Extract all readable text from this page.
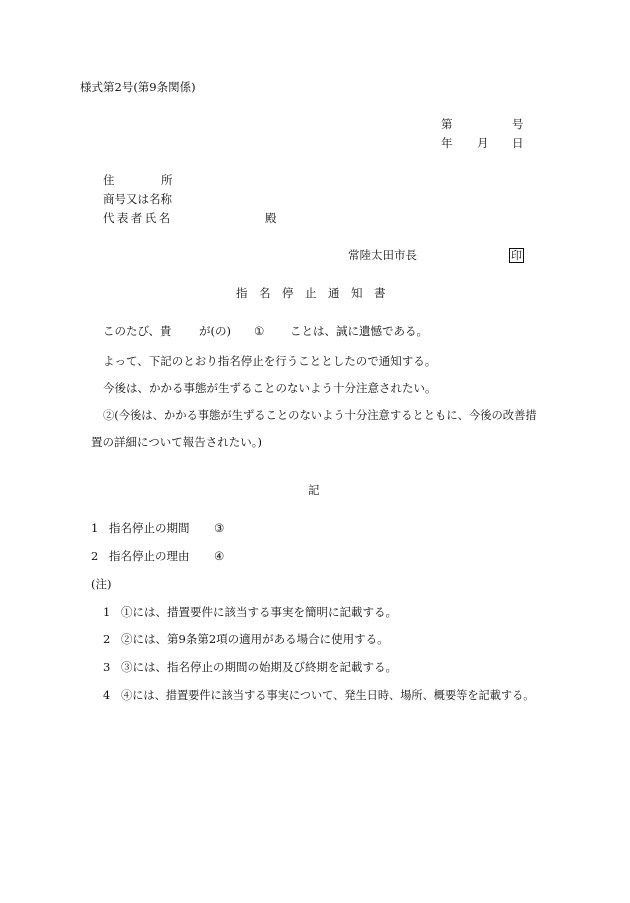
様式第2号(第9条関係)
第	号
年 月 日
住	所
商号又は名称
代表者氏名	殿
常陸太田市長	印
指　名　停　止　通　知　書
このたび、貴 が(の) ① ことは、誠に遺憾である。
よって、下記のとおり指名停止を行うこととしたので通知する。
今後は、かかる事態が生ずることのないよう十分注意されたい。
②(今後は、かかる事態が生ずることのないよう十分注意するとともに、今後の改善措
置の詳細について報告されたい。)
記
1 指名停止の期間 ③
2 指名停止の理由 ④
(注)
1 ①には、措置要件に該当する事実を簡明に記載する。
2 ②には、第9条第2項の適用がある場合に使用する。
3 ③には、指名停止の期間の始期及び終期を記載する。
4 ④には、措置要件に該当する事実について、発生日時、場所、概要等を記載する。
